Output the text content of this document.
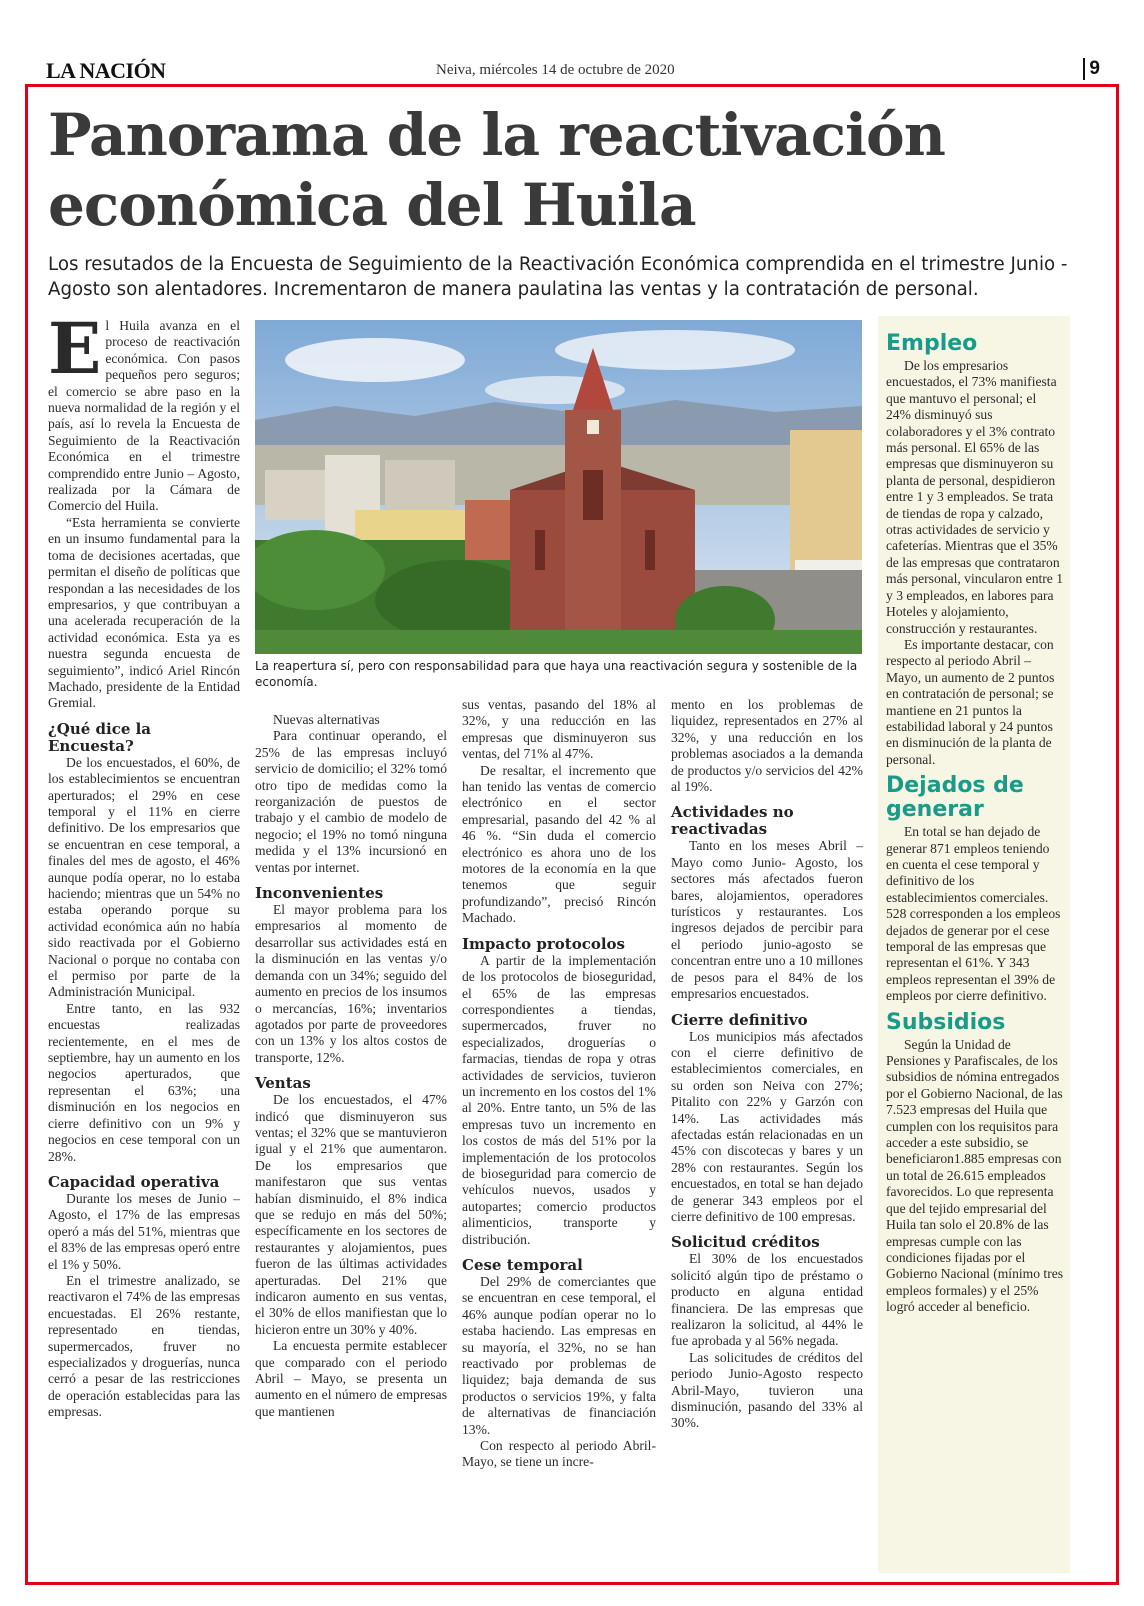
LA NACIÓN	Neiva, miércoles 14 de octubre de 2020	9
Panorama de la reactivación
económica del Huila
Los resutados de la Encuesta de Seguimiento de la Reactivación Económica comprendida en el trimestre Junio - Agosto son alentadores. Incrementaron de manera paulatina las ventas y la contratación de personal.

El Huila avanza en el proceso de reactivación económica. Con pasos pequeños pero seguros; el comercio se abre paso en la nueva normalidad de la región y el país, así lo revela la Encuesta de Seguimiento de la Reactivación Económica en el trimestre comprendido entre Junio – Agosto, realizada por la Cámara de Comercio del Huila.

“Esta herramienta se convierte en un insumo fundamental para la toma de decisiones acertadas, que permitan el diseño de políticas que respondan a las necesidades de los empresarios, y que contribuyan a una acelerada recuperación de la actividad económica. Esta ya es nuestra segunda encuesta de seguimiento”, indicó Ariel Rincón Machado, presidente de la Entidad Gremial.

¿Qué dice la Encuesta?

De los encuestados, el 60%, de los establecimientos se encuentran aperturados; el 29% en cese temporal y el 11% en cierre definitivo. De los empresarios que se encuentran en cese temporal, a finales del mes de agosto, el 46% aunque podía operar, no lo estaba haciendo; mientras que un 54% no estaba operando porque su actividad económica aún no había sido reactivada por el Gobierno Nacional o porque no contaba con el permiso por parte de la Administración Municipal.

Entre tanto, en las 932 encuestas realizadas recientemente, en el mes de septiembre, hay un aumento en los negocios aperturados, que representan el 63%; una disminución en los negocios en cierre definitivo con un 9% y negocios en cese temporal con un 28%.

Capacidad operativa

Durante los meses de Junio – Agosto, el 17% de las empresas operó a más del 51%, mientras que el 83% de las empresas operó entre el 1% y 50%.

En el trimestre analizado, se reactivaron el 74% de las empresas encuestadas. El 26% restante, representado en tiendas, supermercados, fruver no especializados y droguerías, nunca cerró a pesar de las restricciones de operación establecidas para las empresas.

La reapertura sí, pero con responsabilidad para que haya una reactivación segura y sostenible de la economía.

Nuevas alternativas

Para continuar operando, el 25% de las empresas incluyó servicio de domicilio; el 32% tomó otro tipo de medidas como la reorganización de puestos de trabajo y el cambio de modelo de negocio; el 19% no tomó ninguna medida y el 13% incursionó en ventas por internet.

Inconvenientes

El mayor problema para los empresarios al momento de desarrollar sus actividades está en la disminución en las ventas y/o demanda con un 34%; seguido del aumento en precios de los insumos o mercancías, 16%; inventarios agotados por parte de proveedores con un 13% y los altos costos de transporte, 12%.

Ventas

De los encuestados, el 47% indicó que disminuyeron sus ventas; el 32% que se mantuvieron igual y el 21% que aumentaron. De los empresarios que manifestaron que sus ventas habían disminuido, el 8% indica que se redujo en más del 50%; específicamente en los sectores de restaurantes y alojamientos, pues fueron de las últimas actividades aperturadas. Del 21% que indicaron aumento en sus ventas, el 30% de ellos manifiestan que lo hicieron entre un 30% y 40%.

La encuesta permite establecer que comparado con el periodo Abril – Mayo, se presenta un aumento en el número de empresas que mantienen

sus ventas, pasando del 18% al 32%, y una reducción en las empresas que disminuyeron sus ventas, del 71% al 47%.

De resaltar, el incremento que han tenido las ventas de comercio electrónico en el sector empresarial, pasando del 42 % al 46 %. “Sin duda el comercio electrónico es ahora uno de los motores de la economía en la que tenemos que seguir profundizando”, precisó Rincón Machado.

Impacto protocolos

A partir de la implementación de los protocolos de bioseguridad, el 65% de las empresas correspondientes a tiendas, supermercados, fruver no especializados, droguerías o farmacias, tiendas de ropa y otras actividades de servicios, tuvieron un incremento en los costos del 1% al 20%. Entre tanto, un 5% de las empresas tuvo un incremento en los costos de más del 51% por la implementación de los protocolos de bioseguridad para comercio de vehículos nuevos, usados y autopartes; comercio productos alimenticios, transporte y distribución.

Cese temporal

Del 29% de comerciantes que se encuentran en cese temporal, el 46% aunque podían operar no lo estaba haciendo. Las empresas en su mayoría, el 32%, no se han reactivado por problemas de liquidez; baja demanda de sus productos o servicios 19%, y falta de alternativas de financiación 13%.

Con respecto al periodo Abril-Mayo, se tiene un incre-

mento en los problemas de liquidez, representados en 27% al 32%, y una reducción en los problemas asociados a la demanda de productos y/o servicios del 42% al 19%.

Actividades no reactivadas

Tanto en los meses Abril – Mayo como Junio- Agosto, los sectores más afectados fueron bares, alojamientos, operadores turísticos y restaurantes. Los ingresos dejados de percibir para el periodo junio-agosto se concentran entre uno a 10 millones de pesos para el 84% de los empresarios encuestados.

Cierre definitivo

Los municipios más afectados con el cierre definitivo de establecimientos comerciales, en su orden son Neiva con 27%; Pitalito con 22% y Garzón con 14%. Las actividades más afectadas están relacionadas en un 45% con discotecas y bares y un 28% con restaurantes. Según los encuestados, en total se han dejado de generar 343 empleos por el cierre definitivo de 100 empresas.

Solicitud créditos

El 30% de los encuestados solicitó algún tipo de préstamo o producto en alguna entidad financiera. De las empresas que realizaron la solicitud, al 44% le fue aprobada y al 56% negada.

Las solicitudes de créditos del periodo Junio-Agosto respecto Abril-Mayo, tuvieron una disminución, pasando del 33% al 30%.

Empleo

De los empresarios encuestados, el 73% manifiesta que mantuvo el personal; el 24% disminuyó sus colaboradores y el 3% contrato más personal. El 65% de las empresas que disminuyeron su planta de personal, despidieron entre 1 y 3 empleados. Se trata de tiendas de ropa y calzado, otras actividades de servicio y cafeterías. Mientras que el 35% de las empresas que contrataron más personal, vincularon entre 1 y 3 empleados, en labores para Hoteles y alojamiento, construcción y restaurantes.

Es importante destacar, con respecto al periodo Abril – Mayo, un aumento de 2 puntos en contratación de personal; se mantiene en 21 puntos la estabilidad laboral y 24 puntos en disminución de la planta de personal.

Dejados de generar

En total se han dejado de generar 871 empleos teniendo en cuenta el cese temporal y definitivo de los establecimientos comerciales. 528 corresponden a los empleos dejados de generar por el cese temporal de las empresas que representan el 61%. Y 343 empleos representan el 39% de empleos por cierre definitivo.

Subsidios

Según la Unidad de Pensiones y Parafiscales, de los subsidios de nómina entregados por el Gobierno Nacional, de las 7.523 empresas del Huila que cumplen con los requisitos para acceder a este subsidio, se beneficiaron1.885 empresas con un total de 26.615 empleados favorecidos. Lo que representa que del tejido empresarial del Huila tan solo el 20.8% de las empresas cumple con las condiciones fijadas por el Gobierno Nacional (mínimo tres empleos formales) y el 25% logró acceder al beneficio.
